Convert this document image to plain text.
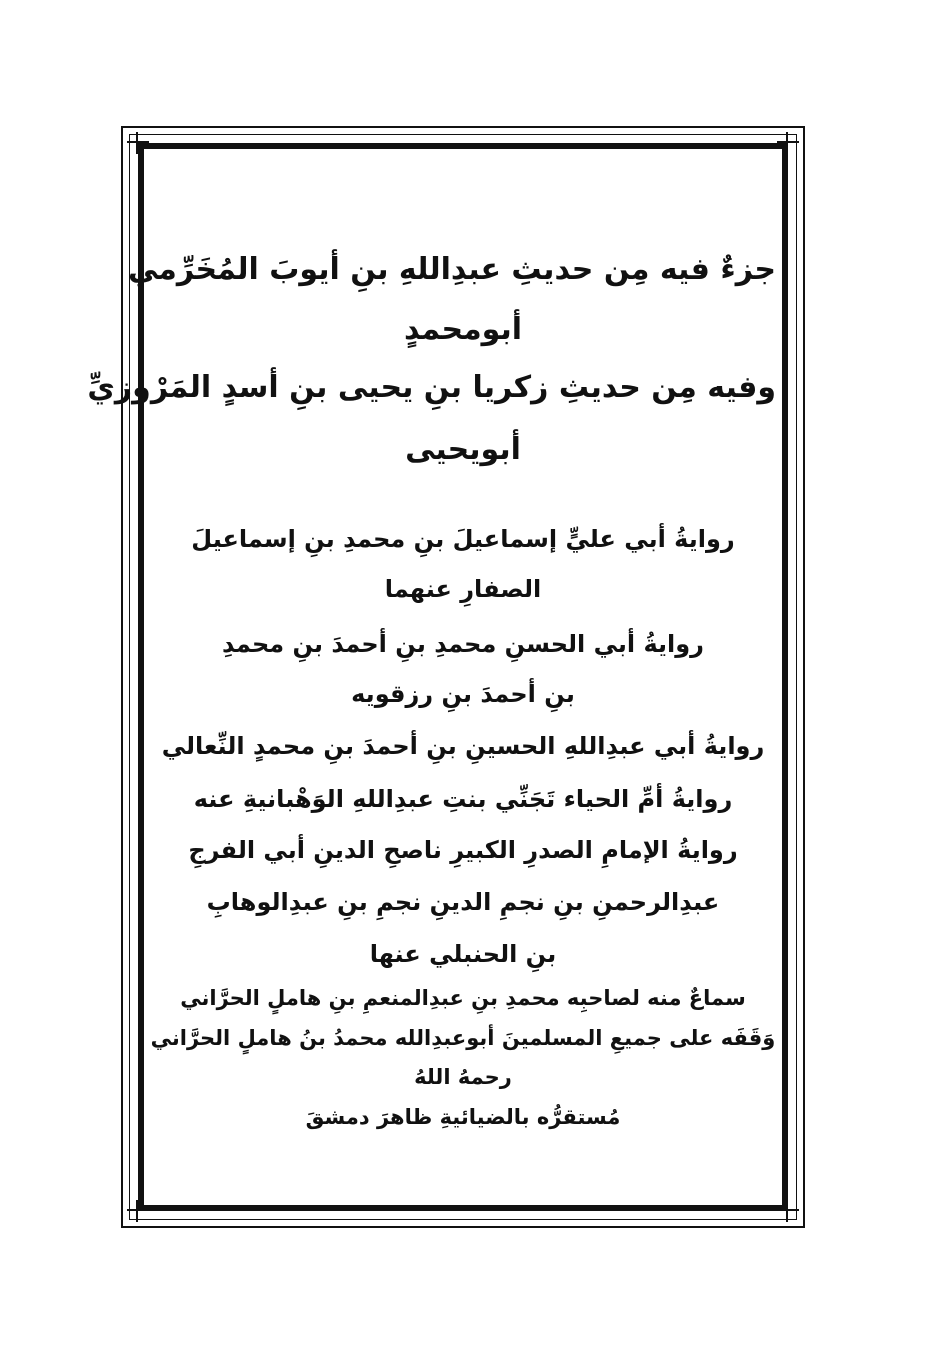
جزءٌ فيه مِن حديثِ عبدِاللهِ بنِ أيوبَ المُخَرِّمي
أبومحمدٍ
وفيه مِن حديثِ زكريا بنِ يحيى بنِ أسدٍ المَرْوزيِّ
أبويحيى
روايةُ أبي عليٍّ إسماعيلَ بنِ محمدِ بنِ إسماعيلَ
الصفارِ عنهما
روايةُ أبي الحسنِ محمدِ بنِ أحمدَ بنِ محمدِ
بنِ أحمدَ بنِ رزقويه
روايةُ أبي عبدِاللهِ الحسينِ بنِ أحمدَ بنِ محمدٍ النِّعالي
روايةُ أمِّ الحياء تَجَنِّي بنتِ عبدِاللهِ الوَهْبانيةِ عنه
روايةُ الإمامِ الصدرِ الكبيرِ ناصحِ الدينِ أبي الفرجِ
عبدِالرحمنِ بنِ نجمِ الدينِ نجمِ بنِ عبدِالوهابِ
بنِ الحنبلي عنها
سماعٌ منه لصاحبِه محمدِ بنِ عبدِالمنعمِ بنِ هاملٍ الحرَّاني
وَقَفَه على جميعِ المسلمينَ أبوعبدِالله محمدُ بنُ هاملٍ الحرَّاني
رحمهُ اللهُ
مُستقرُّه بالضيائيةِ ظاهرَ دمشقَ
